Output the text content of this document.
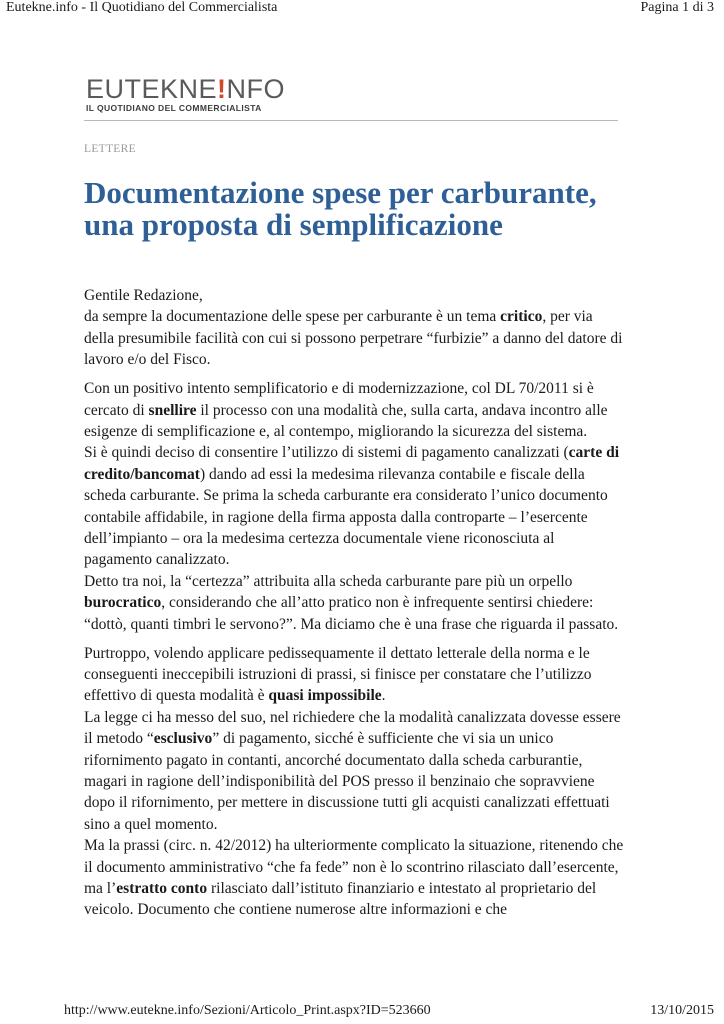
Eutekne.info - Il Quotidiano del Commercialista	Pagina 1 di 3
EUTEKNE!NFO
IL QUOTIDIANO DEL COMMERCIALISTA
LETTERE
Documentazione spese per carburante, una proposta di semplificazione

Gentile Redazione,
da sempre la documentazione delle spese per carburante è un tema critico, per via della presumibile facilità con cui si possono perpetrare “furbizie” a danno del datore di lavoro e/o del Fisco.

Con un positivo intento semplificatorio e di modernizzazione, col DL 70/2011 si è cercato di snellire il processo con una modalità che, sulla carta, andava incontro alle esigenze di semplificazione e, al contempo, migliorando la sicurezza del sistema.
Si è quindi deciso di consentire l’utilizzo di sistemi di pagamento canalizzati (carte di credito/bancomat) dando ad essi la medesima rilevanza contabile e fiscale della scheda carburante. Se prima la scheda carburante era considerato l’unico documento contabile affidabile, in ragione della firma apposta dalla controparte – l’esercente dell’impianto – ora la medesima certezza documentale viene riconosciuta al pagamento canalizzato.
Detto tra noi, la “certezza” attribuita alla scheda carburante pare più un orpello burocratico, considerando che all’atto pratico non è infrequente sentirsi chiedere: “dottò, quanti timbri le servono?”. Ma diciamo che è una frase che riguarda il passato.

Purtroppo, volendo applicare pedissequamente il dettato letterale della norma e le conseguenti ineccepibili istruzioni di prassi, si finisce per constatare che l’utilizzo effettivo di questa modalità è quasi impossibile.
La legge ci ha messo del suo, nel richiedere che la modalità canalizzata dovesse essere il metodo “esclusivo” di pagamento, sicché è sufficiente che vi sia un unico rifornimento pagato in contanti, ancorché documentato dalla scheda carburantie, magari in ragione dell’indisponibilità del POS presso il benzinaio che sopravviene dopo il rifornimento, per mettere in discussione tutti gli acquisti canalizzati effettuati sino a quel momento.
Ma la prassi (circ. n. 42/2012) ha ulteriormente complicato la situazione, ritenendo che il documento amministrativo “che fa fede” non è lo scontrino rilasciato dall’esercente, ma l’estratto conto rilasciato dall’istituto finanziario e intestato al proprietario del veicolo. Documento che contiene numerose altre informazioni e che

http://www.eutekne.info/Sezioni/Articolo_Print.aspx?ID=523660	13/10/2015
